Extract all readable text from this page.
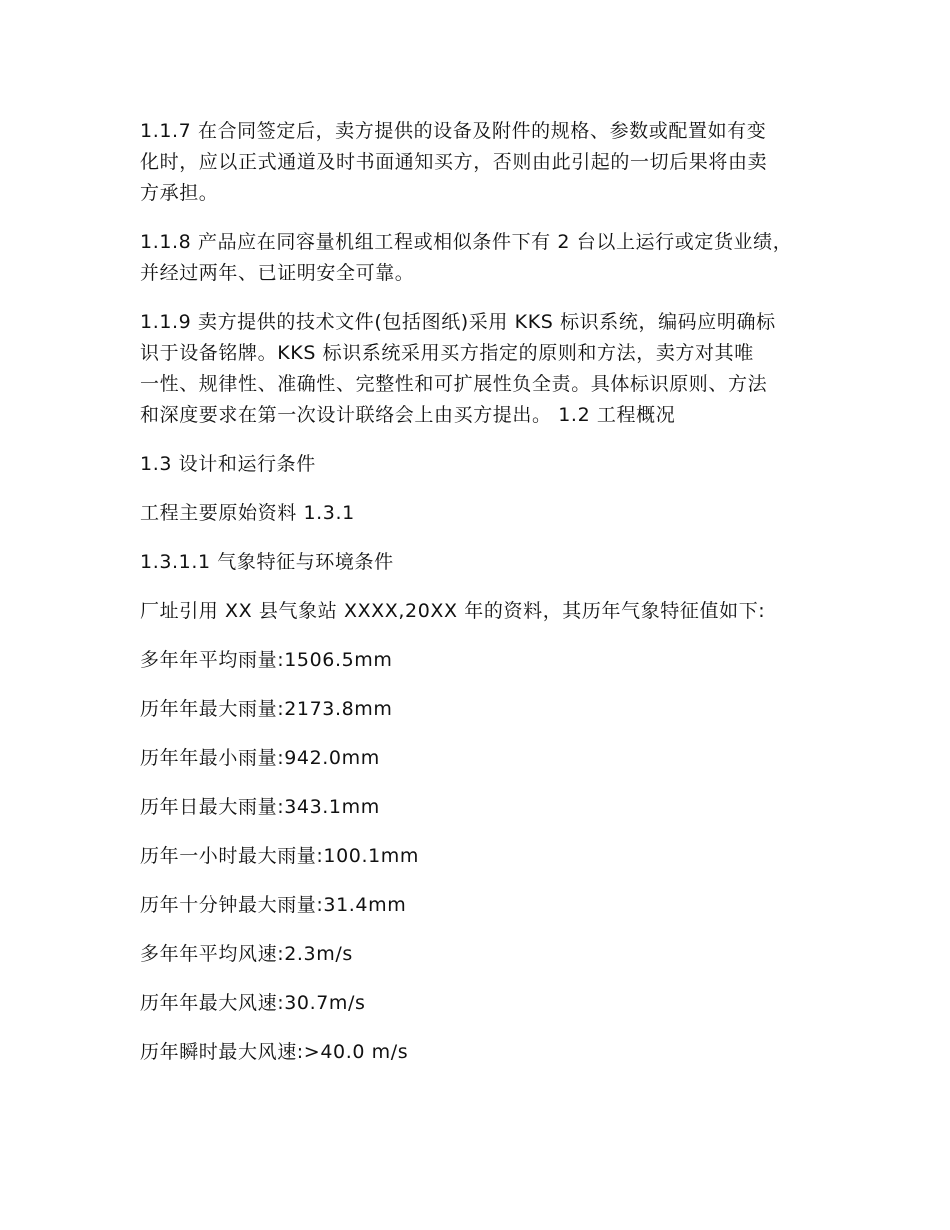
1.1.7 在合同签定后，卖方提供的设备及附件的规格、参数或配置如有变
化时，应以正式通道及时书面通知买方，否则由此引起的一切后果将由卖
方承担。

1.1.8 产品应在同容量机组工程或相似条件下有 2 台以上运行或定货业绩，
并经过两年、已证明安全可靠。

1.1.9 卖方提供的技术文件(包括图纸)采用 KKS 标识系统，编码应明确标
识于设备铭牌。KKS 标识系统采用买方指定的原则和方法，卖方对其唯
一性、规律性、准确性、完整性和可扩展性负全责。具体标识原则、方法
和深度要求在第一次设计联络会上由买方提出。 1.2 工程概况

1.3 设计和运行条件

工程主要原始资料 1.3.1

1.3.1.1 气象特征与环境条件

厂址引用 XX 县气象站 XXXX,20XX 年的资料，其历年气象特征值如下:

多年年平均雨量:1506.5mm

历年年最大雨量:2173.8mm

历年年最小雨量:942.0mm

历年日最大雨量:343.1mm

历年一小时最大雨量:100.1mm

历年十分钟最大雨量:31.4mm

多年年平均风速:2.3m/s

历年年最大风速:30.7m/s

历年瞬时最大风速:>40.0 m/s
